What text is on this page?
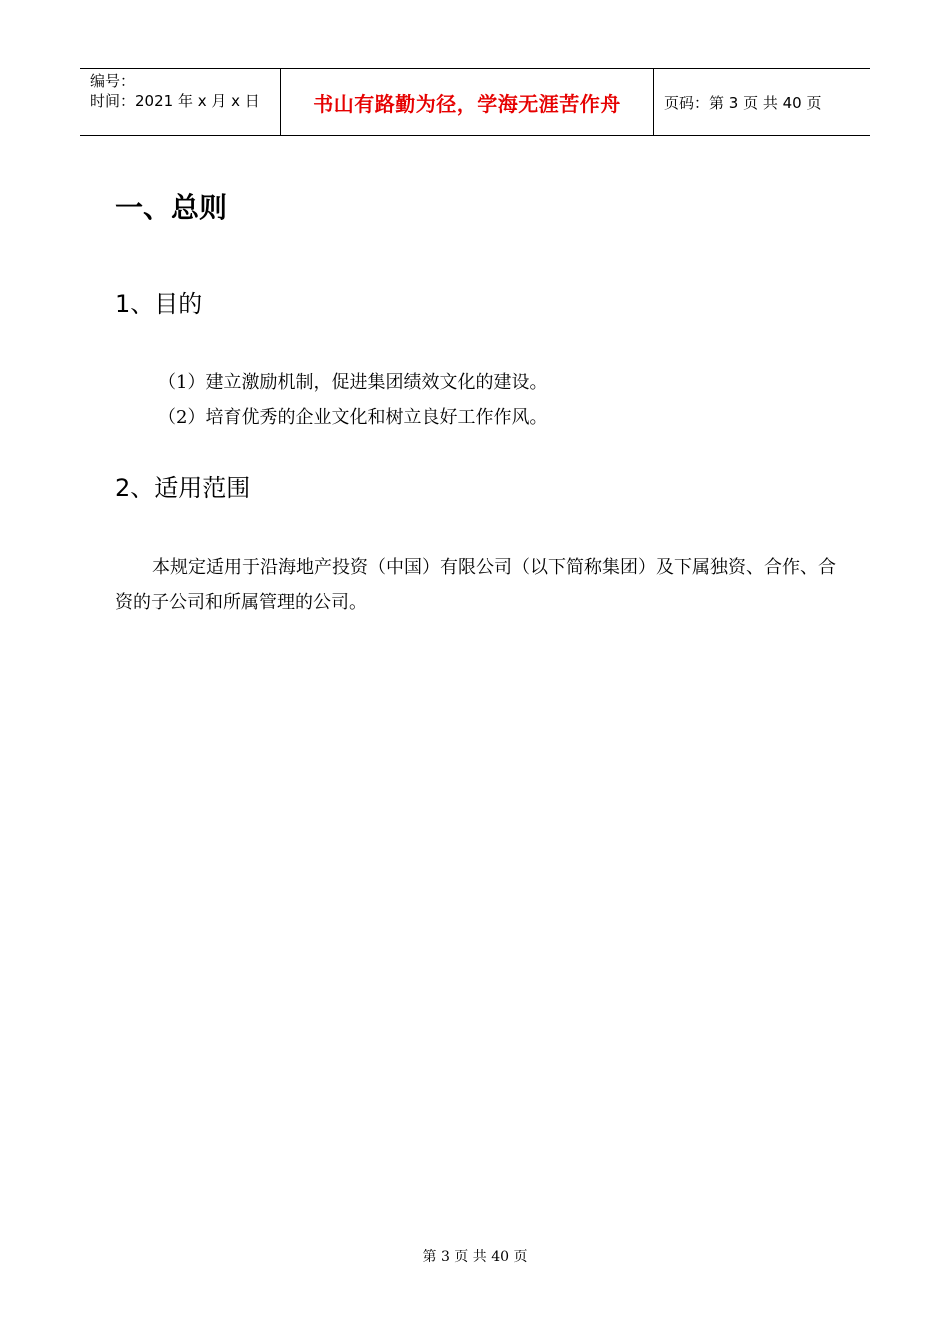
编号：
时间：2021 年 x 月 x 日	书山有路勤为径，学海无涯苦作舟	页码：第 3 页 共 40 页
一、总则
1、目的
（1）建立激励机制，促进集团绩效文化的建设。
（2）培育优秀的企业文化和树立良好工作作风。
2、适用范围
本规定适用于沿海地产投资（中国）有限公司（以下简称集团）及下属独资、合作、合资的子公司和所属管理的公司。
第 3 页 共 40 页
